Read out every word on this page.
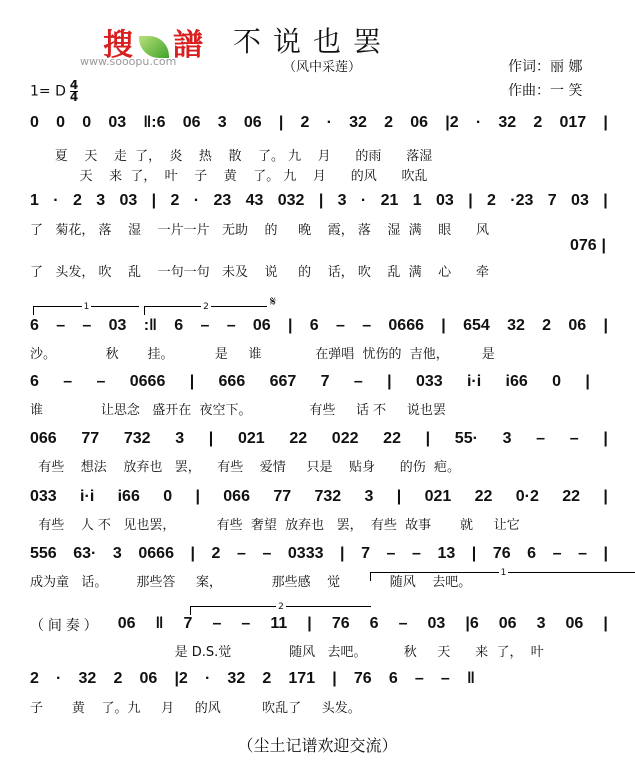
搜 譜
www.sooopu.com
不说也罢
（风中采莲）	作词：丽 娜
作曲：一 笑
1= D $\frac{4}{4}$
0 0 0 03 ‖:6 06 3 06 | 2 · 32 2 06 |2 · 32 2 017 |
夏    天    走  了，  炎    热    散    了。 九    月      的雨      落湿
天    来  了，  叶    子    黄    了。 九    月      的风      吹乱
1 · 2 3 03 | 2 · 23 43 032 | 3 · 21 1 03 | 2 ·23 7 03 |
了   菊花， 落    湿    一片一片   无助    的     晚    霞， 落    湿  满    眼      风
076 |
了   头发， 吹    乱    一句一句   未及    说     的    话， 吹    乱  满    心      牵
6 – – 03 :‖ 6 – – 06 | 6 – – 0666 | 654 32 2 06 |
沙。            秋       挂。          是     谁             在弹唱  忧伤的  吉他，        是
6 – – 0666 | 666 667 7 – | 033 i·i i66 0 |
谁              让思念   盛开在  夜空下。              有些     话 不     说也罢
066 77 732 3 | 021 22 022 22 | 55· 3 – – |
有些    想法    放弃也   罢，    有些    爱情     只是    贴身      的伤  疤。
033 i·i i66 0 | 066 77 732 3 | 021 22 0·2 22 |
有些    人 不   见也罢，          有些  奢望  放弃也   罢，  有些  故事       就     让它
556 63· 3 0666 | 2 – – 0333 | 7 – – 13 | 76 6 – – |
成为童   话。       那些答     案，            那些感    觉            随风    去吧。
（ 间 奏 ） 06 ‖ 7 – – 11 | 76 6 – 03 |6 06 3 06 |
是 D.S.觉              随风   去吧。         秋     天      来  了，  叶
2 · 32 2 06 |2 · 32 2 171 | 76 6 – – ‖
子       黄    了。九     月     的风          吹乱了     头发。
1	2	𝄋
1
2
（尘土记谱欢迎交流）
